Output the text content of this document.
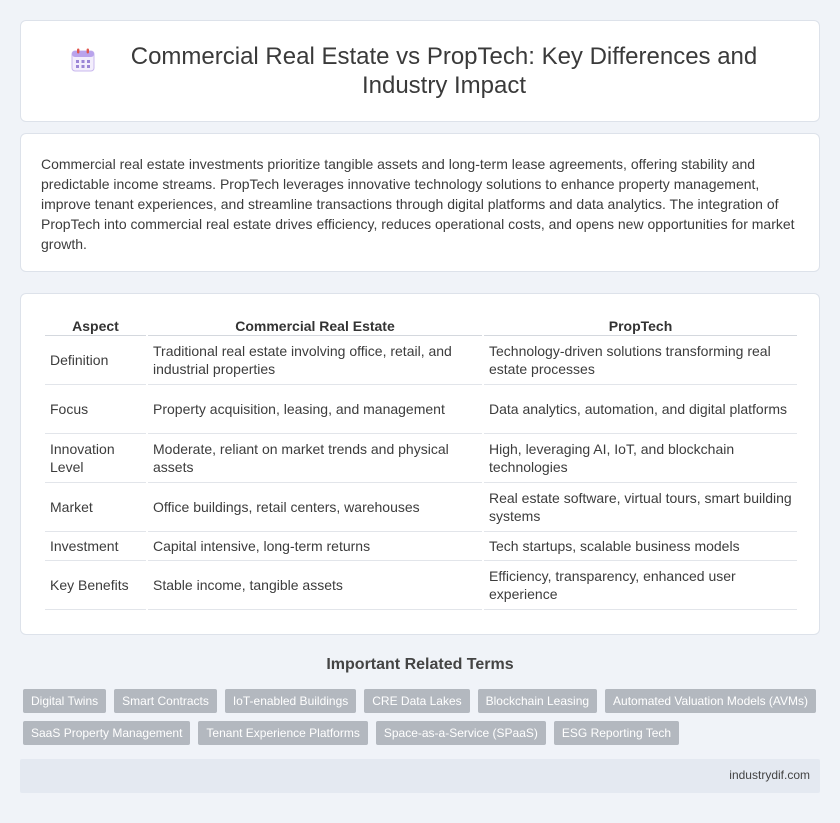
Commercial Real Estate vs PropTech: Key Differences and Industry Impact

Commercial real estate investments prioritize tangible assets and long-term lease agreements, offering stability and predictable income streams. PropTech leverages innovative technology solutions to enhance property management, improve tenant experiences, and streamline transactions through digital platforms and data analytics. The integration of PropTech into commercial real estate drives efficiency, reduces operational costs, and opens new opportunities for market growth.

Aspect	Commercial Real Estate	PropTech
Definition	Traditional real estate involving office, retail, and industrial properties	Technology-driven solutions transforming real estate processes
Focus	Property acquisition, leasing, and management	Data analytics, automation, and digital platforms
Innovation Level	Moderate, reliant on market trends and physical assets	High, leveraging AI, IoT, and blockchain technologies
Market	Office buildings, retail centers, warehouses	Real estate software, virtual tours, smart building systems
Investment	Capital intensive, long-term returns	Tech startups, scalable business models
Key Benefits	Stable income, tangible assets	Efficiency, transparency, enhanced user experience
Important Related Terms
Digital Twins	Smart Contracts	IoT-enabled Buildings	CRE Data Lakes	Blockchain Leasing	Automated Valuation Models (AVMs)
SaaS Property Management	Tenant Experience Platforms	Space-as-a-Service (SPaaS)	ESG Reporting Tech
industrydif.com
